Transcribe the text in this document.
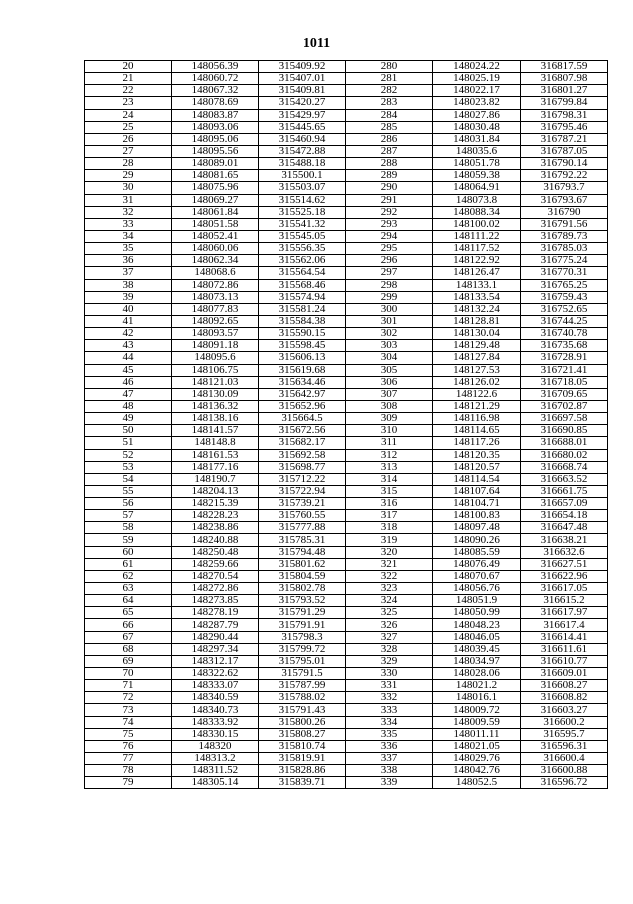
1011
20	148056.39	315409.92	280	148024.22	316817.59
21	148060.72	315407.01	281	148025.19	316807.98
22	148067.32	315409.81	282	148022.17	316801.27
23	148078.69	315420.27	283	148023.82	316799.84
24	148083.87	315429.97	284	148027.86	316798.31
25	148093.06	315445.65	285	148030.48	316795.46
26	148095.06	315460.94	286	148031.84	316787.21
27	148095.56	315472.88	287	148035.6	316787.05
28	148089.01	315488.18	288	148051.78	316790.14
29	148081.65	315500.1	289	148059.38	316792.22
30	148075.96	315503.07	290	148064.91	316793.7
31	148069.27	315514.62	291	148073.8	316793.67
32	148061.84	315525.18	292	148088.34	316790
33	148051.58	315541.32	293	148100.02	316791.56
34	148052.41	315545.05	294	148111.22	316789.73
35	148060.06	315556.35	295	148117.52	316785.03
36	148062.34	315562.06	296	148122.92	316775.24
37	148068.6	315564.54	297	148126.47	316770.31
38	148072.86	315568.46	298	148133.1	316765.25
39	148073.13	315574.94	299	148133.54	316759.43
40	148077.83	315581.24	300	148132.24	316752.65
41	148092.65	315584.38	301	148128.81	316744.25
42	148093.57	315590.15	302	148130.04	316740.78
43	148091.18	315598.45	303	148129.48	316735.68
44	148095.6	315606.13	304	148127.84	316728.91
45	148106.75	315619.68	305	148127.53	316721.41
46	148121.03	315634.46	306	148126.02	316718.05
47	148130.09	315642.97	307	148122.6	316709.65
48	148136.32	315652.96	308	148121.29	316702.87
49	148138.16	315664.5	309	148116.98	316697.58
50	148141.57	315672.56	310	148114.65	316690.85
51	148148.8	315682.17	311	148117.26	316688.01
52	148161.53	315692.58	312	148120.35	316680.02
53	148177.16	315698.77	313	148120.57	316668.74
54	148190.7	315712.22	314	148114.54	316663.52
55	148204.13	315722.94	315	148107.64	316661.75
56	148215.39	315739.21	316	148104.71	316657.09
57	148228.23	315760.55	317	148100.83	316654.18
58	148238.86	315777.88	318	148097.48	316647.48
59	148240.88	315785.31	319	148090.26	316638.21
60	148250.48	315794.48	320	148085.59	316632.6
61	148259.66	315801.62	321	148076.49	316627.51
62	148270.54	315804.59	322	148070.67	316622.96
63	148272.86	315802.78	323	148056.76	316617.05
64	148273.85	315793.52	324	148051.9	316615.2
65	148278.19	315791.29	325	148050.99	316617.97
66	148287.79	315791.91	326	148048.23	316617.4
67	148290.44	315798.3	327	148046.05	316614.41
68	148297.34	315799.72	328	148039.45	316611.61
69	148312.17	315795.01	329	148034.97	316610.77
70	148322.62	315791.5	330	148028.06	316609.01
71	148333.07	315787.99	331	148021.2	316608.27
72	148340.59	315788.02	332	148016.1	316608.82
73	148340.73	315791.43	333	148009.72	316603.27
74	148333.92	315800.26	334	148009.59	316600.2
75	148330.15	315808.27	335	148011.11	316595.7
76	148320	315810.74	336	148021.05	316596.31
77	148313.2	315819.91	337	148029.76	316600.4
78	148311.52	315828.86	338	148042.76	316600.88
79	148305.14	315839.71	339	148052.5	316596.72
